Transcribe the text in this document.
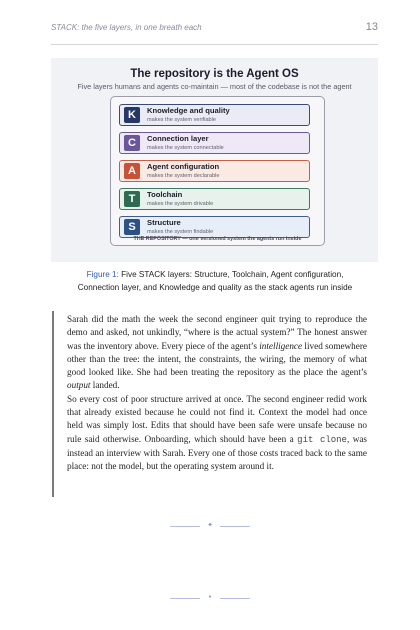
STACK: the five layers, in one breath each	13
The repository is the Agent OS
Five layers humans and agents co-maintain — most of the codebase is not the agent
K	Knowledge and quality
makes the system verifiable
C	Connection layer
makes the system connectable
A	Agent configuration
makes the system declarable
T	Toolchain
makes the system drivable
S	Structure
makes the system findable
THE REPOSITORY — one versioned system the agents run inside
Figure 1: Five STACK layers: Structure, Toolchain, Agent configuration,
Connection layer, and Knowledge and quality as the stack agents run inside

Sarah did the math the week the second engineer quit trying to reproduce the demo and asked, not unkindly, “where is the actual system?” The honest answer was the inventory above. Every piece of the agent’s intelligence lived somewhere other than the tree: the intent, the constraints, the wiring, the memory of what good looked like. She had been treating the repository as the place the agent’s output landed.

So every cost of poor structure arrived at once. The second engineer redid work that already existed because he could not find it. Context the model had once held was simply lost. Edits that should have been safe were unsafe because no rule said otherwise. Onboarding, which should have been a git clone, was instead an interview with Sarah. Every one of those costs traced back to the same place: not the model, but the operating system around it.

✦
•
